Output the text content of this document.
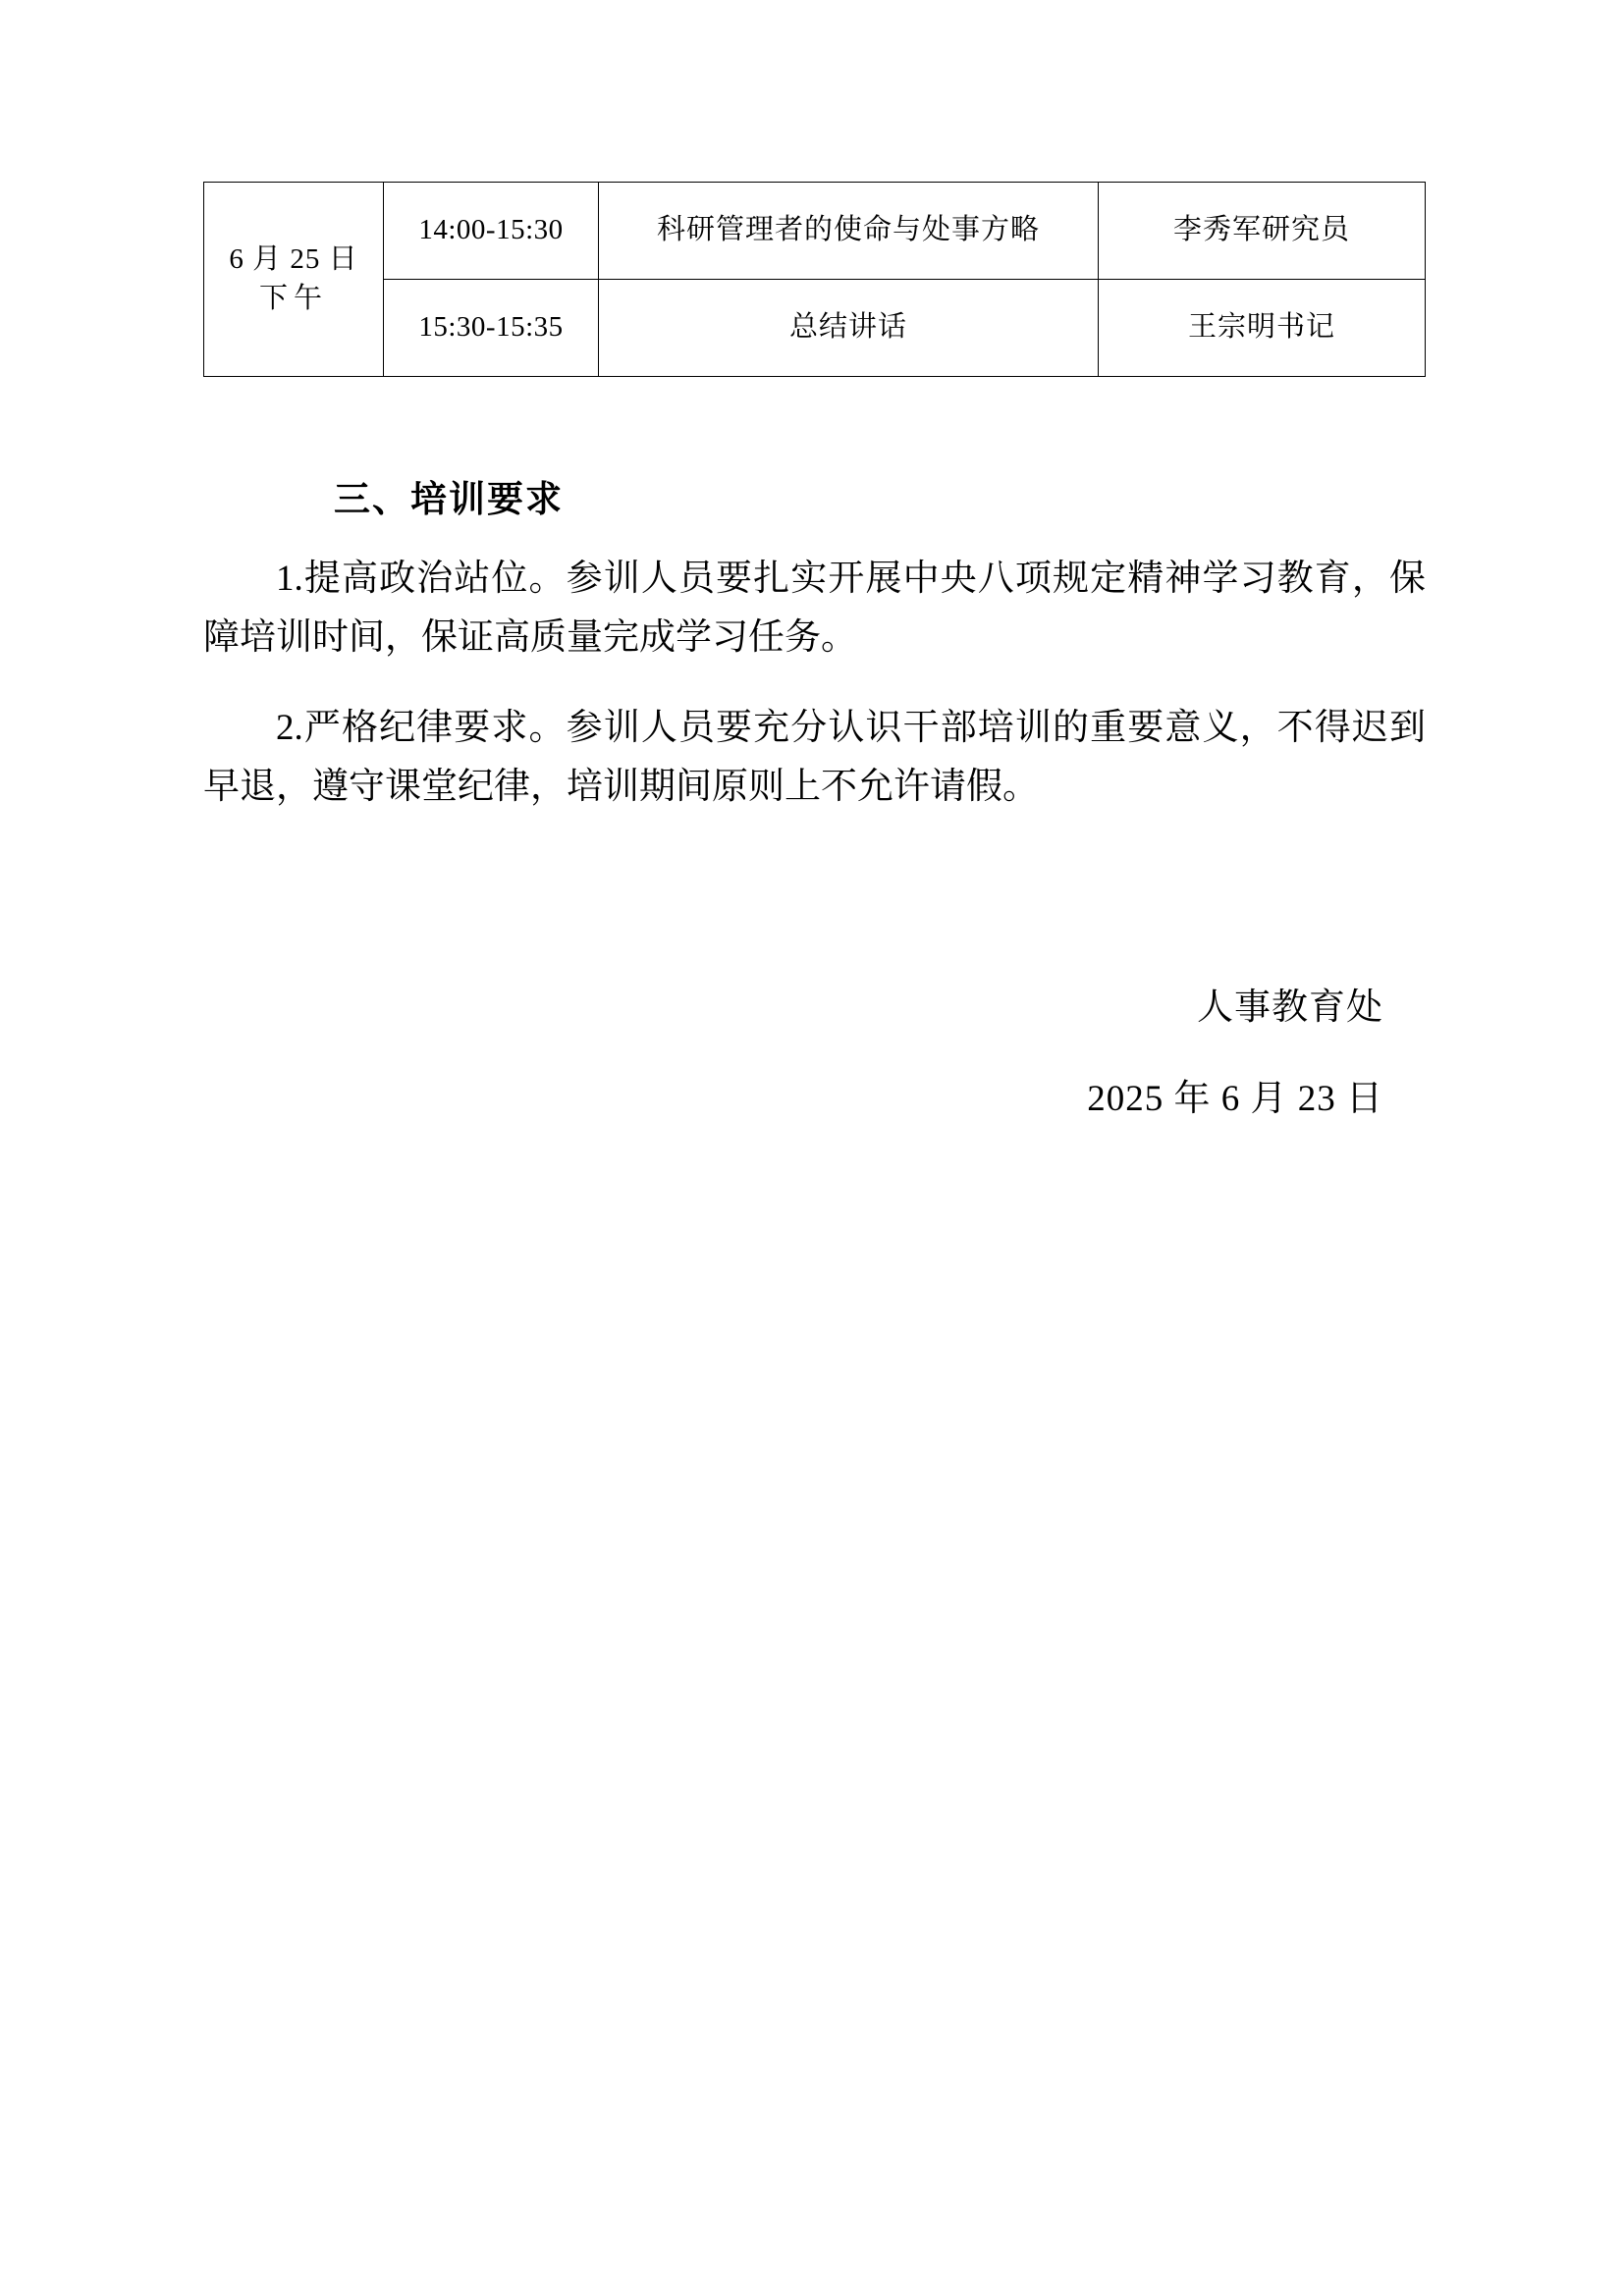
6 月 25 日
下午	14:00-15:30	科研管理者的使命与处事方略	李秀军研究员
	15:30-15:35	总结讲话	王宗明书记
三、培训要求
1.提高政治站位。参训人员要扎实开展中央八项规定精神学习教育，保障培训时间，保证高质量完成学习任务。
2.严格纪律要求。参训人员要充分认识干部培训的重要意义，不得迟到早退，遵守课堂纪律，培训期间原则上不允许请假。
人事教育处
2025 年 6 月 23 日
